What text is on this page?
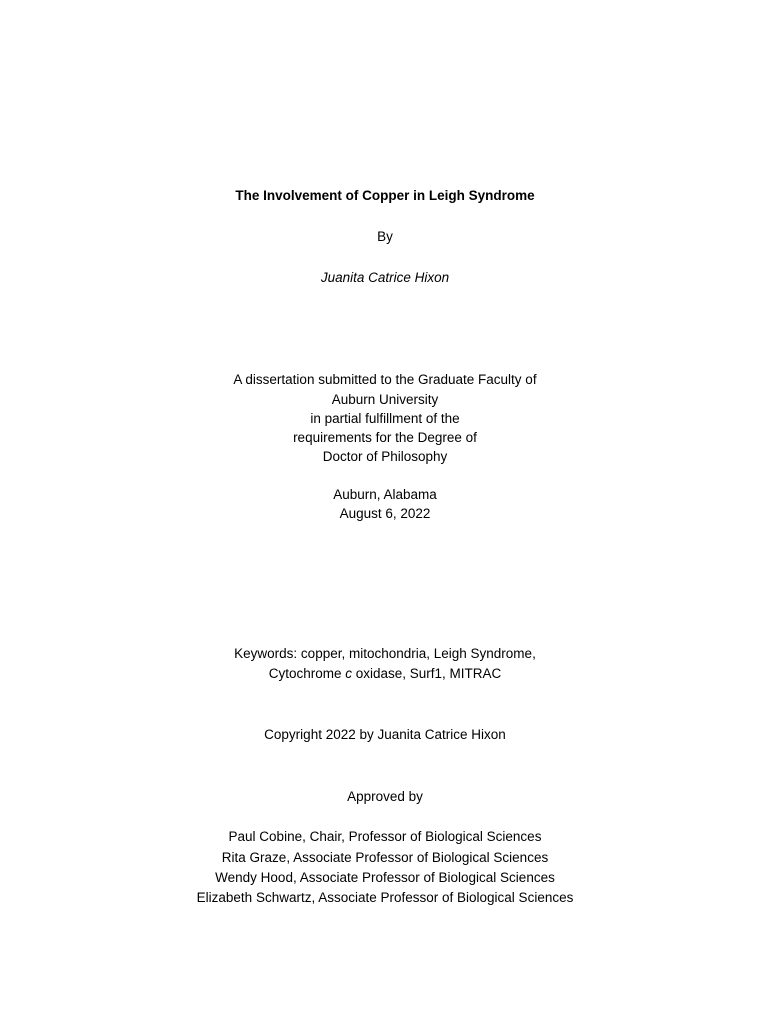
The Involvement of Copper in Leigh Syndrome
By
Juanita Catrice Hixon
A dissertation submitted to the Graduate Faculty of
Auburn University
in partial fulfillment of the
requirements for the Degree of
Doctor of Philosophy
Auburn, Alabama
August 6, 2022
Keywords: copper, mitochondria, Leigh Syndrome,
Cytochrome c oxidase, Surf1, MITRAC
Copyright 2022 by Juanita Catrice Hixon
Approved by
Paul Cobine, Chair, Professor of Biological Sciences
Rita Graze, Associate Professor of Biological Sciences
Wendy Hood, Associate Professor of Biological Sciences
Elizabeth Schwartz, Associate Professor of Biological Sciences
